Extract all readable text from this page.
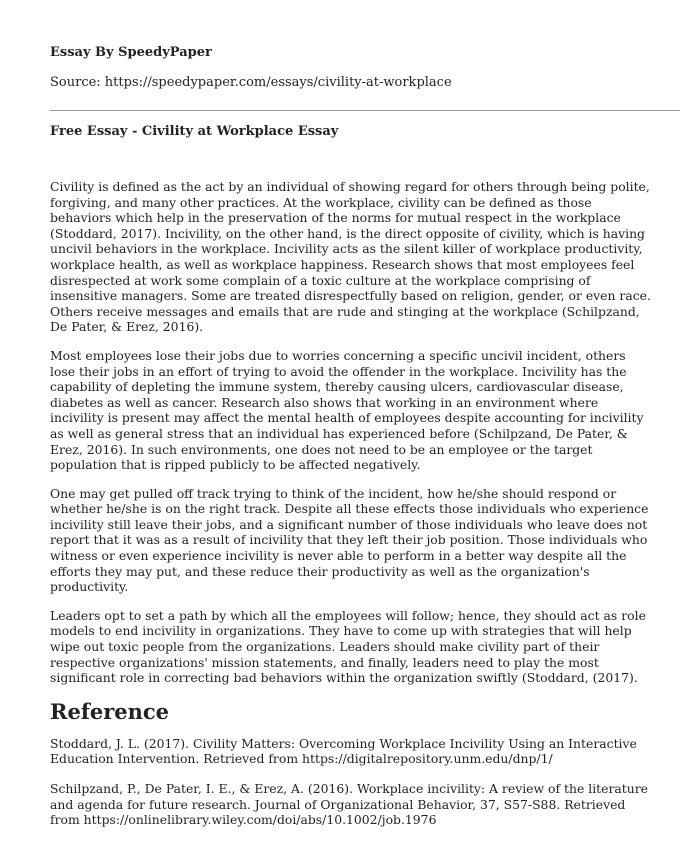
Essay By SpeedyPaper
Source: https://speedypaper.com/essays/civility-at-workplace
Free Essay - Civility at Workplace Essay

Civility is defined as the act by an individual of showing regard for others through being polite, forgiving, and many other practices. At the workplace, civility can be defined as those behaviors which help in the preservation of the norms for mutual respect in the workplace (Stoddard, 2017). Incivility, on the other hand, is the direct opposite of civility, which is having uncivil behaviors in the workplace. Incivility acts as the silent killer of workplace productivity, workplace health, as well as workplace happiness. Research shows that most employees feel disrespected at work some complain of a toxic culture at the workplace comprising of insensitive managers. Some are treated disrespectfully based on religion, gender, or even race. Others receive messages and emails that are rude and stinging at the workplace (Schilpzand, De Pater, & Erez, 2016).

Most employees lose their jobs due to worries concerning a specific uncivil incident, others lose their jobs in an effort of trying to avoid the offender in the workplace. Incivility has the capability of depleting the immune system, thereby causing ulcers, cardiovascular disease, diabetes as well as cancer. Research also shows that working in an environment where incivility is present may affect the mental health of employees despite accounting for incivility as well as general stress that an individual has experienced before (Schilpzand, De Pater, & Erez, 2016). In such environments, one does not need to be an employee or the target population that is ripped publicly to be affected negatively.

One may get pulled off track trying to think of the incident, how he/she should respond or whether he/she is on the right track. Despite all these effects those individuals who experience incivility still leave their jobs, and a significant number of those individuals who leave does not report that it was as a result of incivility that they left their job position. Those individuals who witness or even experience incivility is never able to perform in a better way despite all the efforts they may put, and these reduce their productivity as well as the organization's productivity.

Leaders opt to set a path by which all the employees will follow; hence, they should act as role models to end incivility in organizations. They have to come up with strategies that will help wipe out toxic people from the organizations. Leaders should make civility part of their respective organizations' mission statements, and finally, leaders need to play the most significant role in correcting bad behaviors within the organization swiftly (Stoddard, (2017).

Reference

Stoddard, J. L. (2017). Civility Matters: Overcoming Workplace Incivility Using an Interactive Education Intervention. Retrieved from https://digitalrepository.unm.edu/dnp/1/

Schilpzand, P., De Pater, I. E., & Erez, A. (2016). Workplace incivility: A review of the literature and agenda for future research. Journal of Organizational Behavior, 37, S57-S88. Retrieved from https://onlinelibrary.wiley.com/doi/abs/10.1002/job.1976
